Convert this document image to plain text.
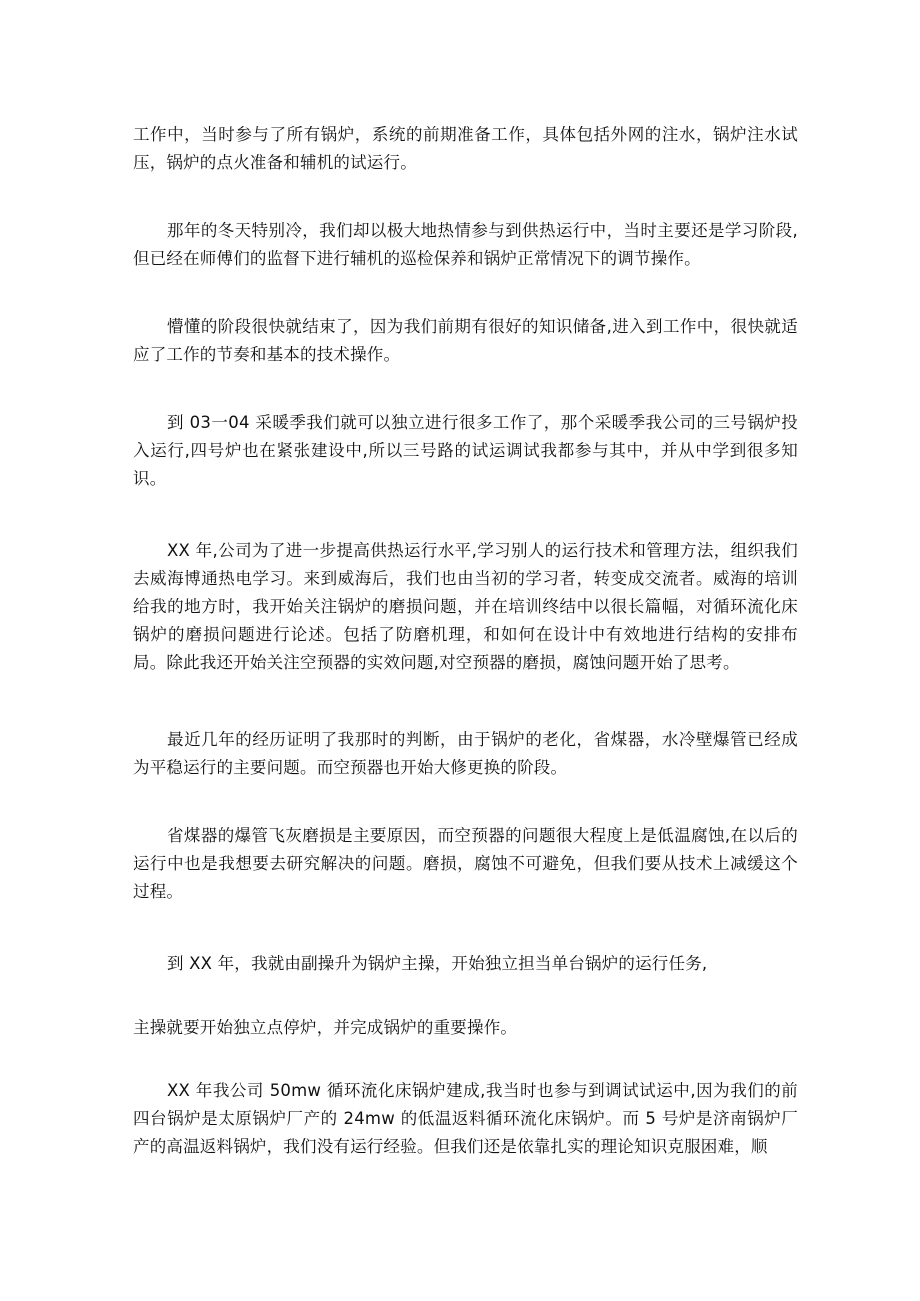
工作中，当时参与了所有锅炉，系统的前期准备工作，具体包括外网的注水，锅炉注水试压，锅炉的点火准备和辅机的试运行。

那年的冬天特别冷，我们却以极大地热情参与到供热运行中，当时主要还是学习阶段,但已经在师傅们的监督下进行辅机的巡检保养和锅炉正常情况下的调节操作。

懵懂的阶段很快就结束了，因为我们前期有很好的知识储备,进入到工作中，很快就适应了工作的节奏和基本的技术操作。

到 03一04 采暖季我们就可以独立进行很多工作了，那个采暖季我公司的三号锅炉投入运行,四号炉也在紧张建设中,所以三号路的试运调试我都参与其中，并从中学到很多知识。

XX 年,公司为了进一步提高供热运行水平,学习别人的运行技术和管理方法，组织我们去威海博通热电学习。来到威海后，我们也由当初的学习者，转变成交流者。威海的培训给我的地方时，我开始关注锅炉的磨损问题，并在培训终结中以很长篇幅，对循环流化床锅炉的磨损问题进行论述。包括了防磨机理，和如何在设计中有效地进行结构的安排布局。除此我还开始关注空预器的实效问题,对空预器的磨损，腐蚀问题开始了思考。

最近几年的经历证明了我那时的判断，由于锅炉的老化，省煤器，水冷壁爆管已经成为平稳运行的主要问题。而空预器也开始大修更换的阶段。

省煤器的爆管飞灰磨损是主要原因，而空预器的问题很大程度上是低温腐蚀,在以后的运行中也是我想要去研究解决的问题。磨损，腐蚀不可避免，但我们要从技术上减缓这个过程。

到 XX 年，我就由副操升为锅炉主操，开始独立担当单台锅炉的运行任务,

主操就要开始独立点停炉，并完成锅炉的重要操作。

XX 年我公司 50mw 循环流化床锅炉建成,我当时也参与到调试试运中,因为我们的前四台锅炉是太原锅炉厂产的 24mw 的低温返料循环流化床锅炉。而 5 号炉是济南锅炉厂产的高温返料锅炉，我们没有运行经验。但我们还是依靠扎实的理论知识克服困难，顺
